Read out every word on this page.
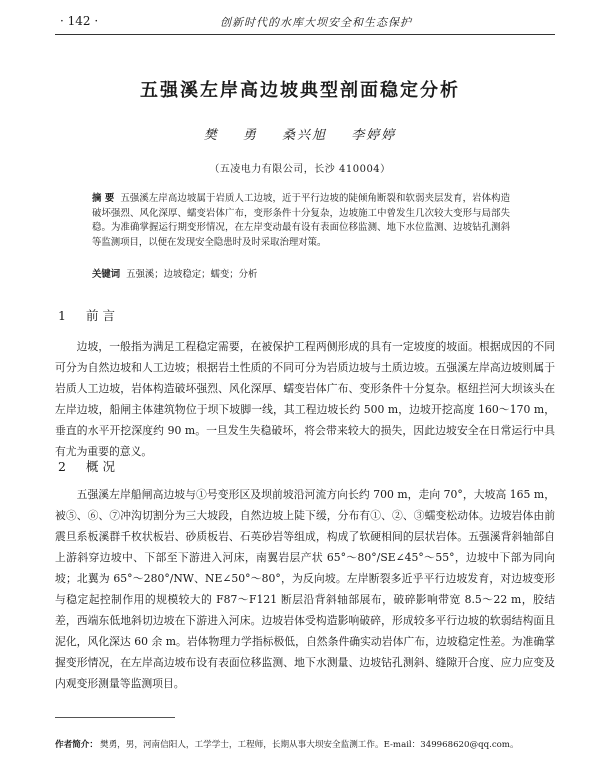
· 142 ·	创新时代的水库大坝安全和生态保护
五强溪左岸高边坡典型剖面稳定分析
樊 勇 桑兴旭 李婷婷
（五凌电力有限公司，长沙 410004）
摘 要 五强溪左岸高边坡属于岩质人工边坡，近于平行边坡的陡倾角断裂和软弱夹层发育，岩体构造破坏强烈、风化深厚、蠕变岩体广布，变形条件十分复杂，边坡施工中曾发生几次较大变形与局部失稳。为准确掌握运行期变形情况，在左岸变动最有设有表面位移监测、地下水位监测、边坡钻孔测斜等监测项目，以便在发现安全隐患时及时采取治理对策。
关键词 五强溪；边坡稳定；蠕变；分析
1 前 言
边坡，一般指为满足工程稳定需要，在被保护工程两侧形成的具有一定坡度的坡面。根据成因的不同可分为自然边坡和人工边坡；根据岩土性质的不同可分为岩质边坡与土质边坡。五强溪左岸高边坡则属于岩质人工边坡，岩体构造破坏强烈、风化深厚、蠕变岩体广布、变形条件十分复杂。枢纽拦河大坝该头在左岸边坡，船闸主体建筑物位于坝下坡脚一线，其工程边坡长约 500 m，边坡开挖高度 160～170 m，垂直的水平开挖深度约 90 m。一旦发生失稳破坏，将会带来较大的损失，因此边坡安全在日常运行中具有尤为重要的意义。
2 概 况
五强溪左岸船闸高边坡与①号变形区及坝前坡沿河流方向长约 700 m，走向 70°，大坡高 165 m，被⑤、⑥、⑦冲沟切割分为三大坡段，自然边坡上陡下缓，分布有①、②、③蠕变松动体。边坡岩体由前震旦系板溪群千枚状板岩、砂质板岩、石英砂岩等组成，构成了软硬相间的层状岩体。五强溪背斜轴部自上游斜穿边坡中、下部至下游进入河床，南翼岩层产状 65°～80°/SE∠45°～55°，边坡中下部为同向坡；北翼为 65°～280°/NW、NE∠50°～80°，为反向坡。左岸断裂多近乎平行边坡发育，对边坡变形与稳定起控制作用的规模较大的 F87～F121 断层沿背斜轴部展布，破碎影响带宽 8.5～22 m，胶结差，西端东低地斜切边坡在下游进入河床。边坡岩体受构造影响破碎，形成较多平行边坡的软弱结构面且泥化，风化深达 60 余 m。岩体物理力学指标极低，自然条件确实动岩体广布，边坡稳定性差。为准确掌握变形情况，在左岸高边坡布设有表面位移监测、地下水测量、边坡钻孔测斜、缝隙开合度、应力应变及内观变形测量等监测项目。
作者简介： 樊勇，男，河南信阳人，工学学士，工程师，长期从事大坝安全监测工作。E-mail：349968620@qq.com。
